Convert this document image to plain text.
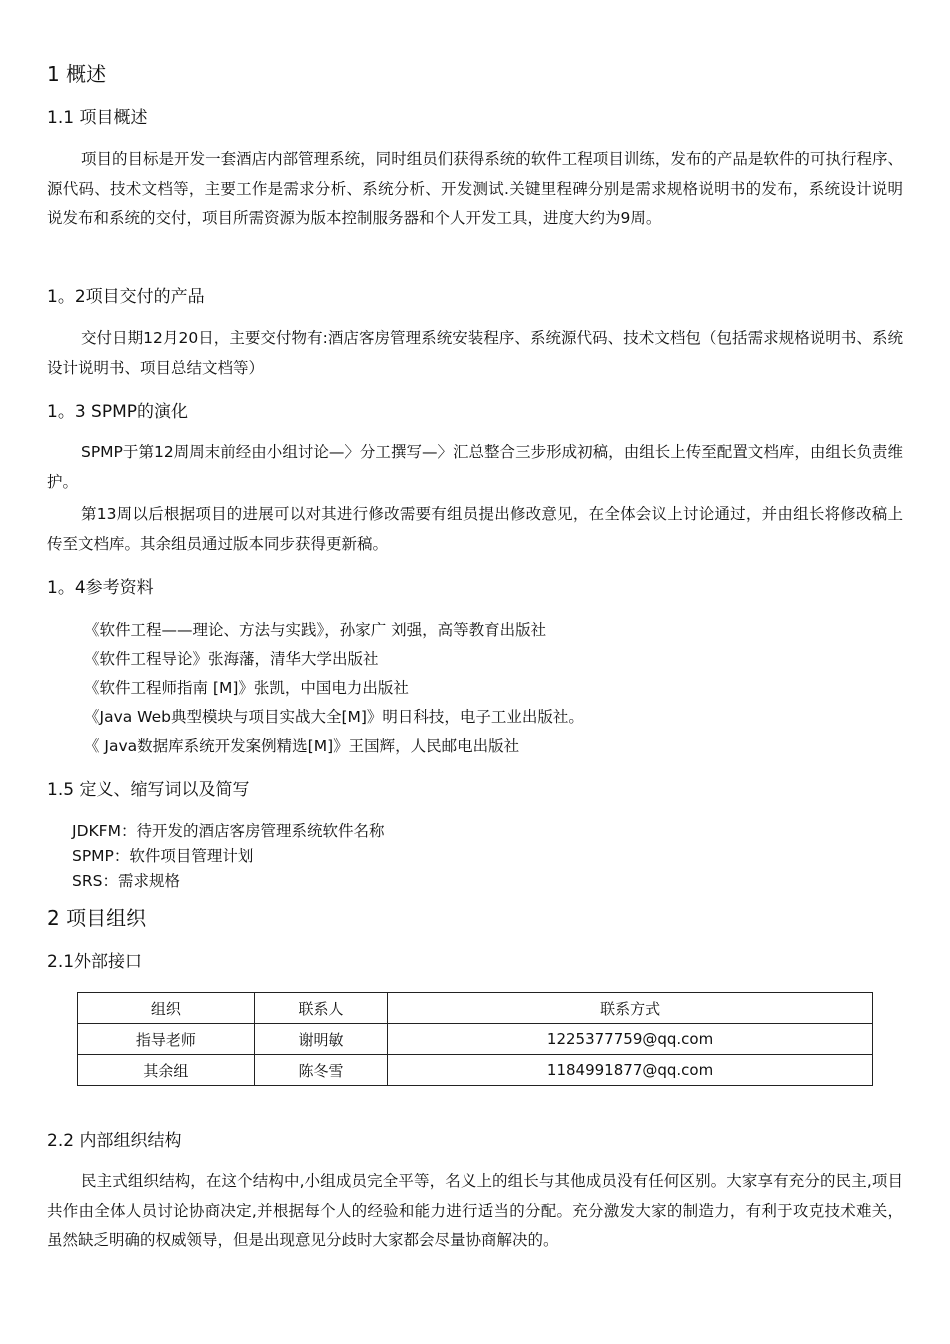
1 概述
1.1 项目概述

项目的目标是开发一套酒店内部管理系统，同时组员们获得系统的软件工程项目训练，发布的产品是软件的可执行程序、源代码、技术文档等，主要工作是需求分析、系统分析、开发测试.关键里程碑分别是需求规格说明书的发布，系统设计说明说发布和系统的交付，项目所需资源为版本控制服务器和个人开发工具，进度大约为9周。

1。2项目交付的产品

交付日期12月20日，主要交付物有:酒店客房管理系统安装程序、系统源代码、技术文档包（包括需求规格说明书、系统设计说明书、项目总结文档等）

1。3 SPMP的演化

SPMP于第12周周末前经由小组讨论—〉分工撰写—〉汇总整合三步形成初稿，由组长上传至配置文档库，由组长负责维护。

第13周以后根据项目的进展可以对其进行修改需要有组员提出修改意见，在全体会议上讨论通过，并由组长将修改稿上传至文档库。其余组员通过版本同步获得更新稿。

1。4参考资料
《软件工程——理论、方法与实践》，孙家广 刘强，高等教育出版社
《软件工程导论》张海藩，清华大学出版社
《软件工程师指南 [M]》张凯，中国电力出版社
《Java Web典型模块与项目实战大全[M]》明日科技，电子工业出版社。
《 Java数据库系统开发案例精选[M]》王国辉，人民邮电出版社
1.5 定义、缩写词以及简写
JDKFM：待开发的酒店客房管理系统软件名称
SPMP：软件项目管理计划
SRS：需求规格
2 项目组织
2.1外部接口
组织	联系人	联系方式
指导老师	谢明敏	1225377759@qq.com
其余组	陈冬雪	1184991877@qq.com
2.2 内部组织结构

民主式组织结构，在这个结构中,小组成员完全平等，名义上的组长与其他成员没有任何区别。大家享有充分的民主,项目共作由全体人员讨论协商决定,并根据每个人的经验和能力进行适当的分配。充分激发大家的制造力，有利于攻克技术难关，虽然缺乏明确的权威领导，但是出现意见分歧时大家都会尽量协商解决的。
